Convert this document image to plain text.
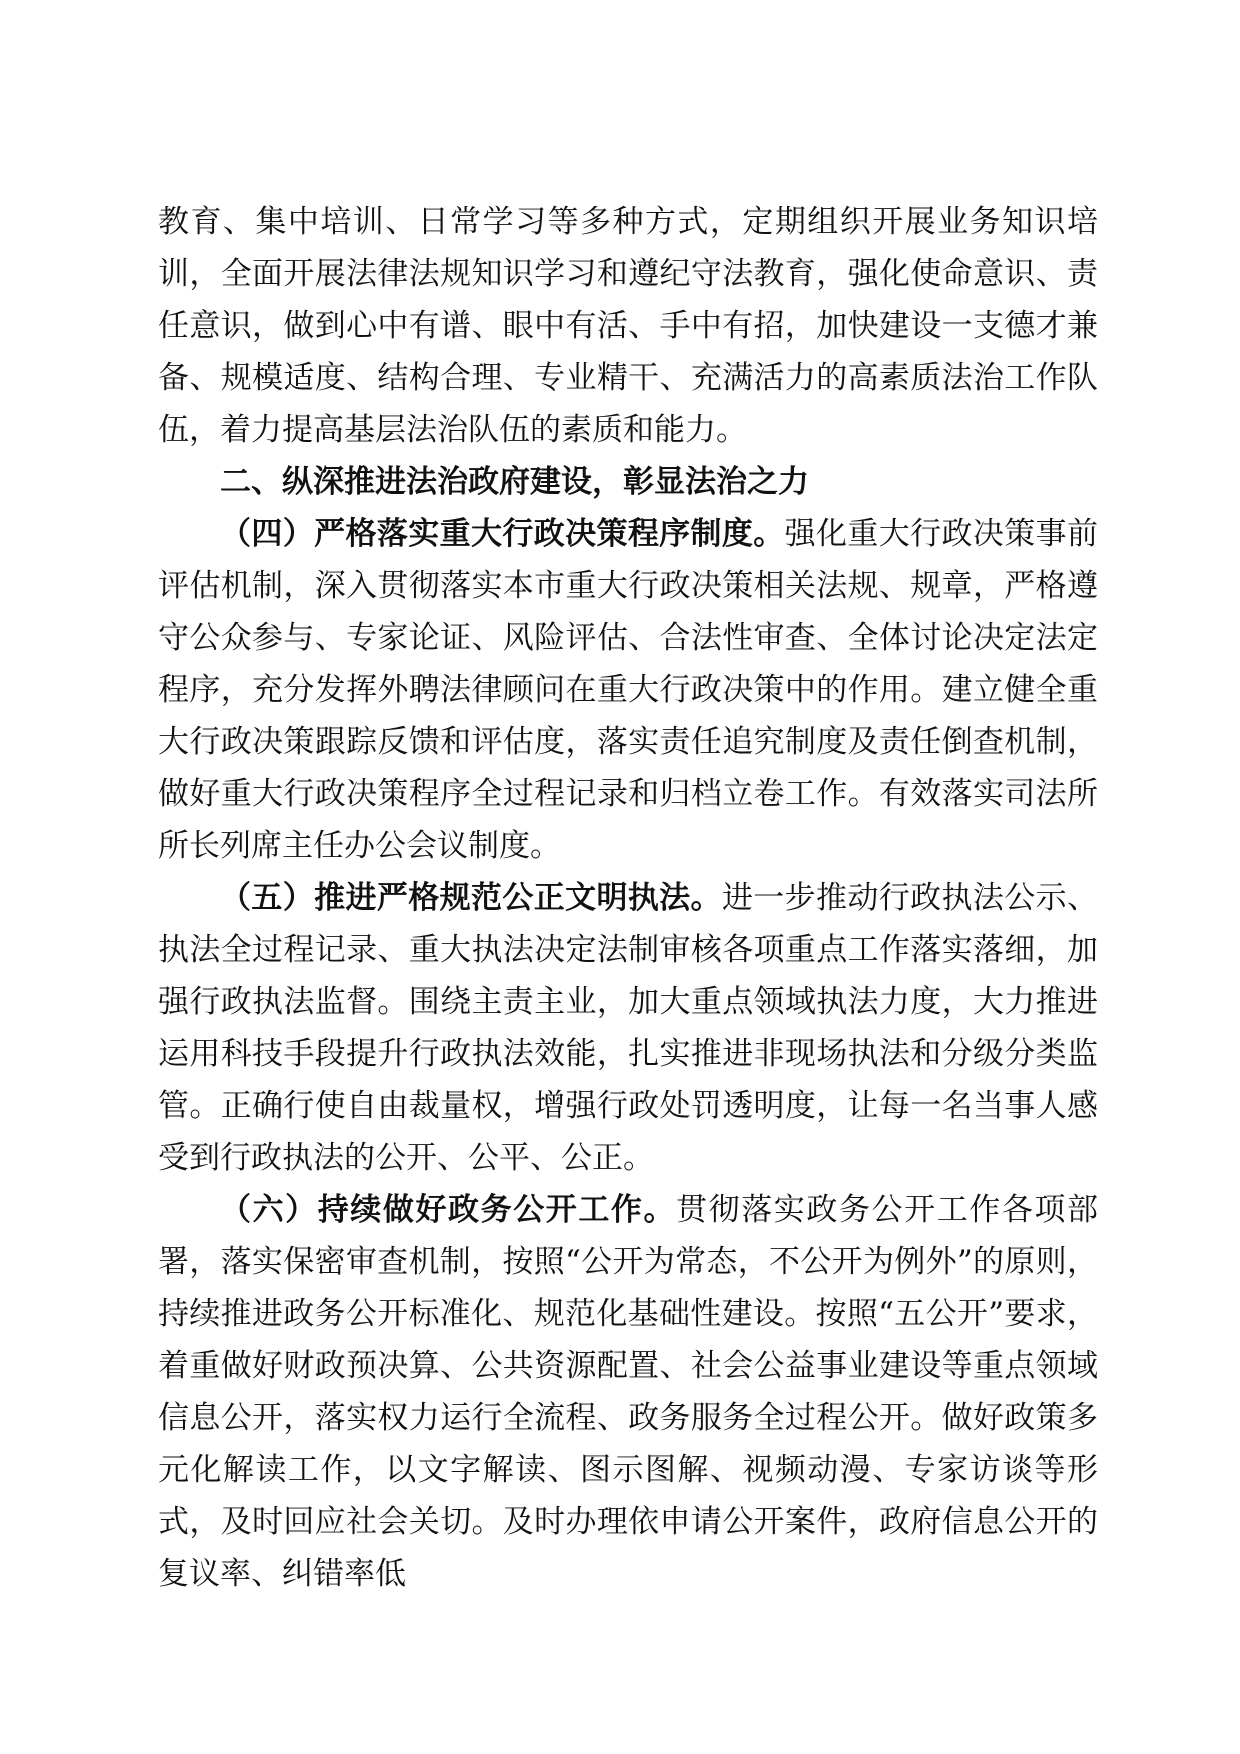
教育、集中培训、日常学习等多种方式，定期组织开展业务知识培训，全面开展法律法规知识学习和遵纪守法教育，强化使命意识、责任意识，做到心中有谱、眼中有活、手中有招，加快建设一支德才兼备、规模适度、结构合理、专业精干、充满活力的高素质法治工作队伍，着力提高基层法治队伍的素质和能力。

二、纵深推进法治政府建设，彰显法治之力

（四）严格落实重大行政决策程序制度。强化重大行政决策事前评估机制，深入贯彻落实本市重大行政决策相关法规、规章，严格遵守公众参与、专家论证、风险评估、合法性审查、全体讨论决定法定程序，充分发挥外聘法律顾问在重大行政决策中的作用。建立健全重大行政决策跟踪反馈和评估度，落实责任追究制度及责任倒查机制，做好重大行政决策程序全过程记录和归档立卷工作。有效落实司法所所长列席主任办公会议制度。

（五）推进严格规范公正文明执法。进一步推动行政执法公示、执法全过程记录、重大执法决定法制审核各项重点工作落实落细，加强行政执法监督。围绕主责主业，加大重点领域执法力度，大力推进运用科技手段提升行政执法效能，扎实推进非现场执法和分级分类监管。正确行使自由裁量权，增强行政处罚透明度，让每一名当事人感受到行政执法的公开、公平、公正。

（六）持续做好政务公开工作。贯彻落实政务公开工作各项部署，落实保密审查机制，按照“公开为常态，不公开为例外”的原则，持续推进政务公开标准化、规范化基础性建设。按照“五公开”要求，着重做好财政预决算、公共资源配置、社会公益事业建设等重点领域信息公开，落实权力运行全流程、政务服务全过程公开。做好政策多元化解读工作，以文字解读、图示图解、视频动漫、专家访谈等形式，及时回应社会关切。及时办理依申请公开案件，政府信息公开的复议率、纠错率低
